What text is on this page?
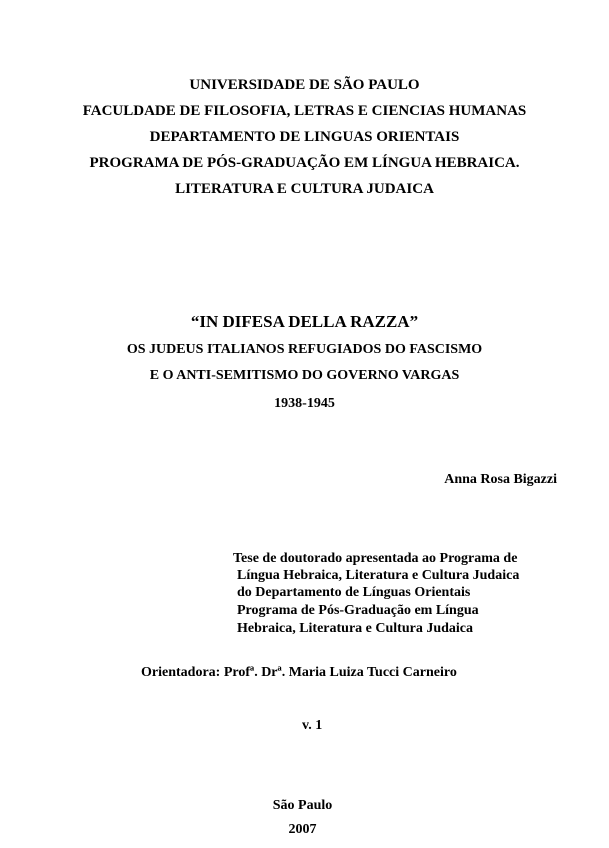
UNIVERSIDADE DE SÃO PAULO
FACULDADE DE FILOSOFIA, LETRAS E CIENCIAS HUMANAS
DEPARTAMENTO DE LINGUAS ORIENTAIS
PROGRAMA DE PÓS-GRADUAÇÃO EM LÍNGUA HEBRAICA.
LITERATURA E CULTURA JUDAICA
“IN DIFESA DELLA RAZZA”
OS JUDEUS ITALIANOS REFUGIADOS DO FASCISMO
E O ANTI-SEMITISMO DO GOVERNO VARGAS
1938-1945
Anna Rosa Bigazzi
Tese de doutorado apresentada ao Programa de
Língua Hebraica, Literatura e Cultura Judaica
do Departamento de Línguas Orientais
Programa de Pós-Graduação em Língua
Hebraica, Literatura e Cultura Judaica
Orientadora: Profª. Drª. Maria Luiza Tucci Carneiro
v. 1
São Paulo
2007
